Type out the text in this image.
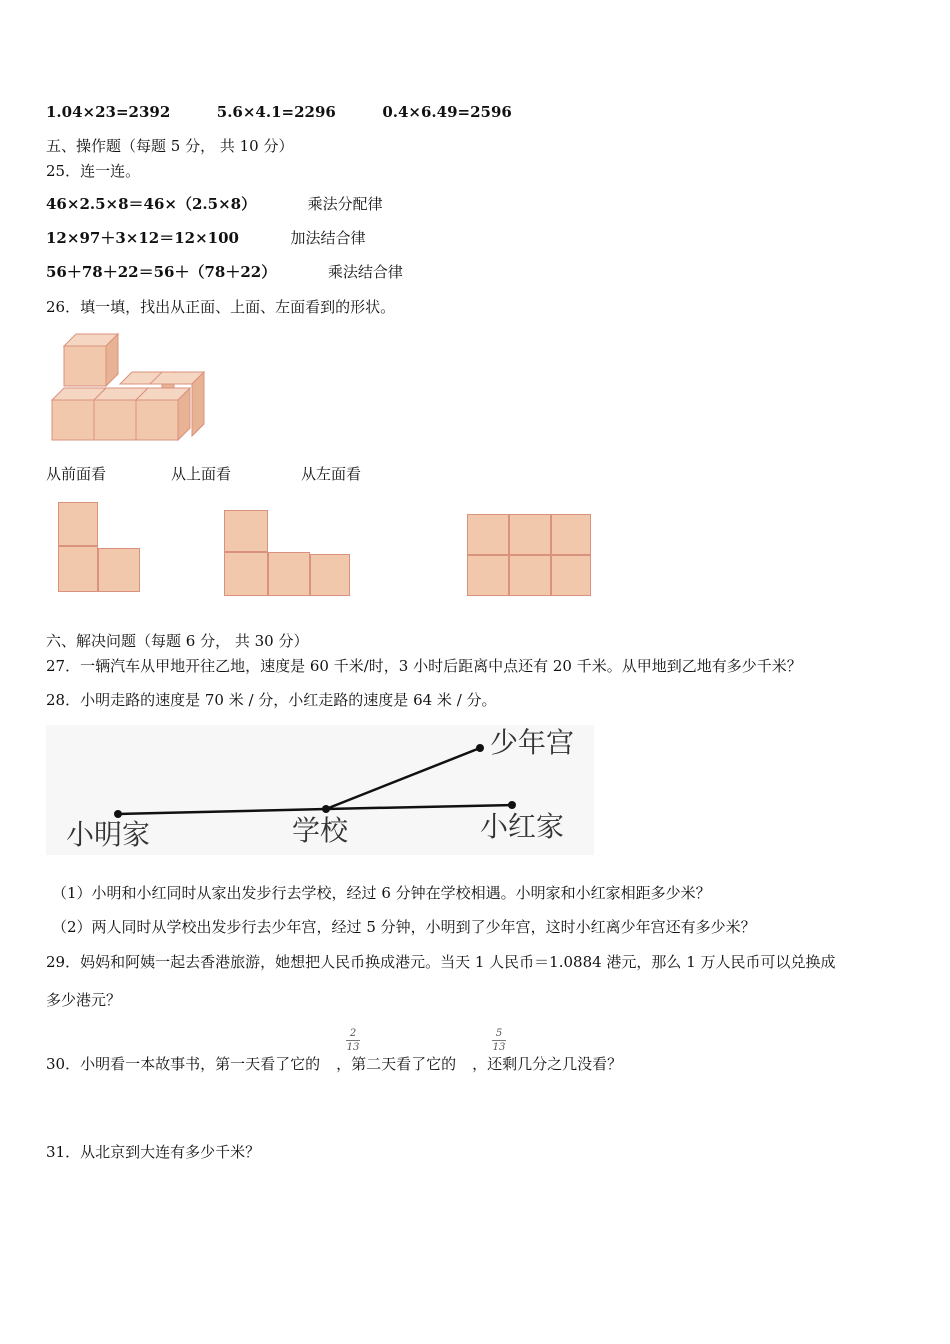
1.04×23=2392	5.6×4.1=2296	0.4×6.49=2596
五、操作题（每题 5 分， 共 10 分）
25．连一连。
46×2.5×8＝46×（2.5×8）	乘法分配律
12×97＋3×12＝12×100	加法结合律
56＋78＋22＝56＋（78＋22）	乘法结合律
26．填一填，找出从正面、上面、左面看到的形状。
从前面看	从上面看	从左面看
六、解决问题（每题 6 分， 共 30 分）
27．一辆汽车从甲地开往乙地，速度是 60 千米/时，3 小时后距离中点还有 20 千米。从甲地到乙地有多少千米？
28．小明走路的速度是 70 米 / 分，小红走路的速度是 64 米 / 分。
少年宫
小明家	学校	小红家
（1）小明和小红同时从家出发步行去学校，经过 6 分钟在学校相遇。小明家和小红家相距多少米？
（2）两人同时从学校出发步行去少年宫，经过 5 分钟，小明到了少年宫，这时小红离少年宫还有多少米？
29．妈妈和阿姨一起去香港旅游，她想把人民币换成港元。当天 1 人民币＝1.0884 港元，那么 1 万人民币可以兑换成
多少港元？
30．小明看一本故事书，第一天看了它的 ，第二天看了它的 ，还剩几分之几没看？
2
13
5
13
31．从北京到大连有多少千米？
